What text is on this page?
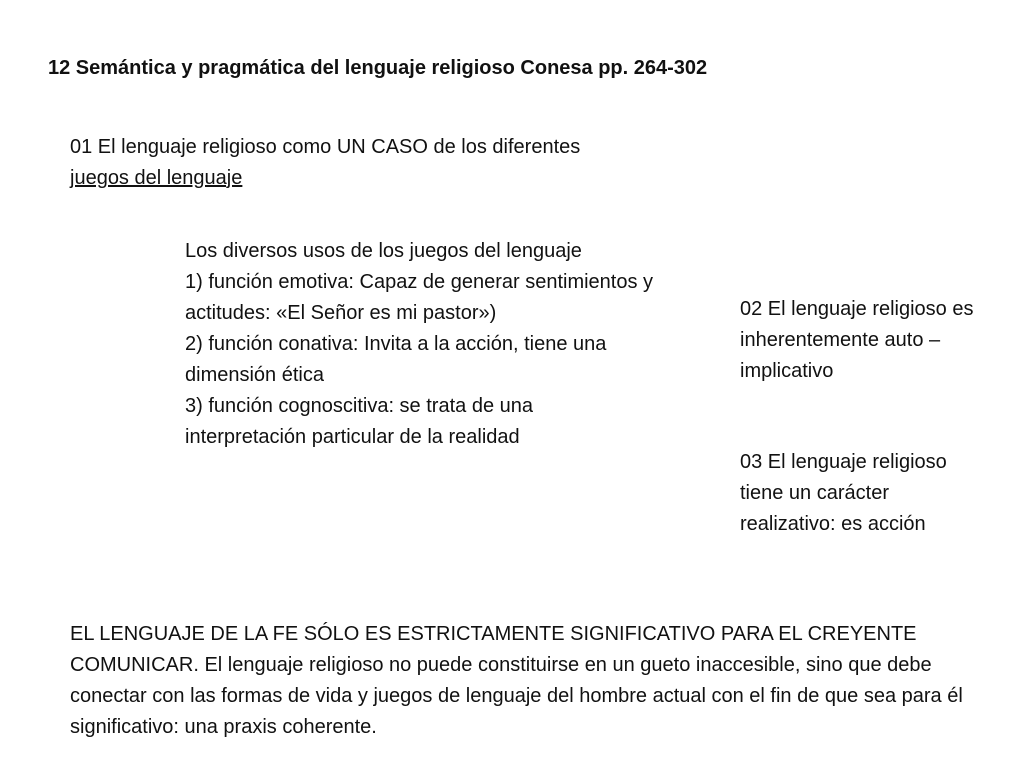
12 Semántica y pragmática del lenguaje religioso Conesa pp. 264-302

01 El lenguaje religioso como UN CASO de los diferentes juegos del lenguaje

Los diversos usos de los juegos del lenguaje
1) función emotiva: Capaz de generar sentimientos y actitudes: «El Señor es mi pastor»)
2) función conativa: Invita a la acción, tiene una dimensión ética
3) función cognoscitiva: se trata de una interpretación particular de la realidad

02 El lenguaje religioso es inherentemente auto – implicativo

03 El lenguaje religioso tiene un carácter realizativo: es acción

EL LENGUAJE DE LA FE SÓLO ES ESTRICTAMENTE SIGNIFICATIVO PARA EL CREYENTE COMUNICAR. El lenguaje religioso no puede constituirse en un gueto inaccesible, sino que debe conectar con las formas de vida y juegos de lenguaje del hombre actual con el fin de que sea para él significativo: una praxis coherente.
